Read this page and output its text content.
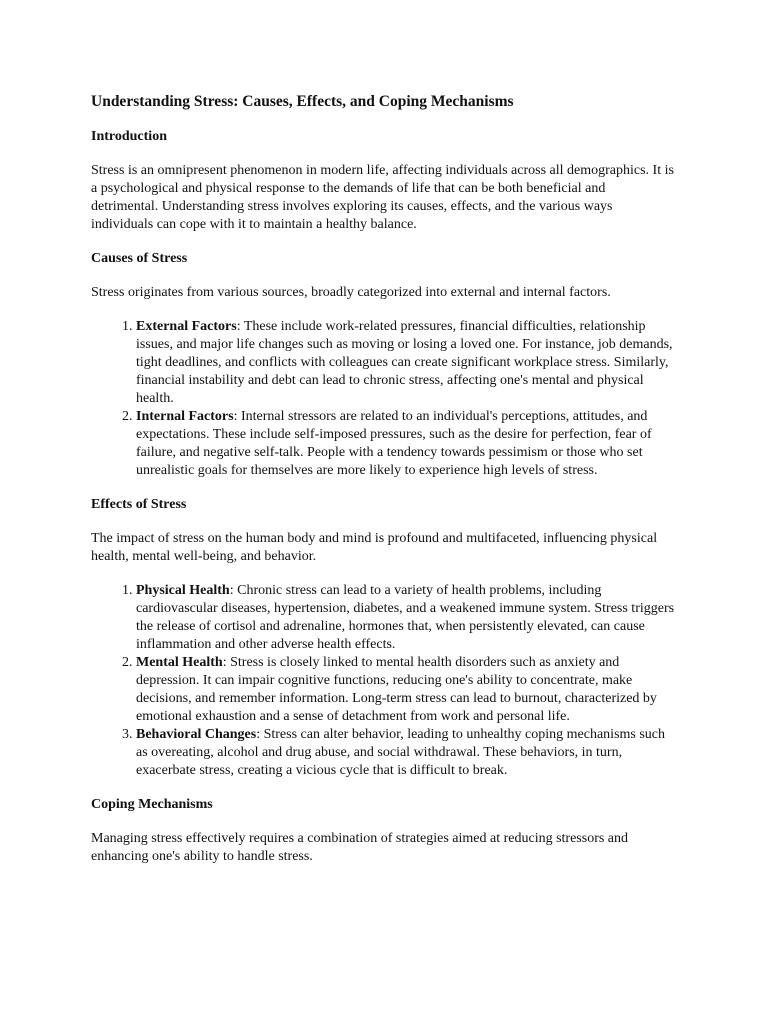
Understanding Stress: Causes, Effects, and Coping Mechanisms
Introduction

Stress is an omnipresent phenomenon in modern life, affecting individuals across all demographics. It is a psychological and physical response to the demands of life that can be both beneficial and detrimental. Understanding stress involves exploring its causes, effects, and the various ways individuals can cope with it to maintain a healthy balance.

Causes of Stress

Stress originates from various sources, broadly categorized into external and internal factors.

1. External Factors: These include work-related pressures, financial difficulties, relationship issues, and major life changes such as moving or losing a loved one. For instance, job demands, tight deadlines, and conflicts with colleagues can create significant workplace stress. Similarly, financial instability and debt can lead to chronic stress, affecting one's mental and physical health.
2. Internal Factors: Internal stressors are related to an individual's perceptions, attitudes, and expectations. These include self-imposed pressures, such as the desire for perfection, fear of failure, and negative self-talk. People with a tendency towards pessimism or those who set unrealistic goals for themselves are more likely to experience high levels of stress.
Effects of Stress

The impact of stress on the human body and mind is profound and multifaceted, influencing physical health, mental well-being, and behavior.

1. Physical Health: Chronic stress can lead to a variety of health problems, including cardiovascular diseases, hypertension, diabetes, and a weakened immune system. Stress triggers the release of cortisol and adrenaline, hormones that, when persistently elevated, can cause inflammation and other adverse health effects.
2. Mental Health: Stress is closely linked to mental health disorders such as anxiety and depression. It can impair cognitive functions, reducing one's ability to concentrate, make decisions, and remember information. Long-term stress can lead to burnout, characterized by emotional exhaustion and a sense of detachment from work and personal life.
3. Behavioral Changes: Stress can alter behavior, leading to unhealthy coping mechanisms such as overeating, alcohol and drug abuse, and social withdrawal. These behaviors, in turn, exacerbate stress, creating a vicious cycle that is difficult to break.
Coping Mechanisms

Managing stress effectively requires a combination of strategies aimed at reducing stressors and enhancing one's ability to handle stress.
